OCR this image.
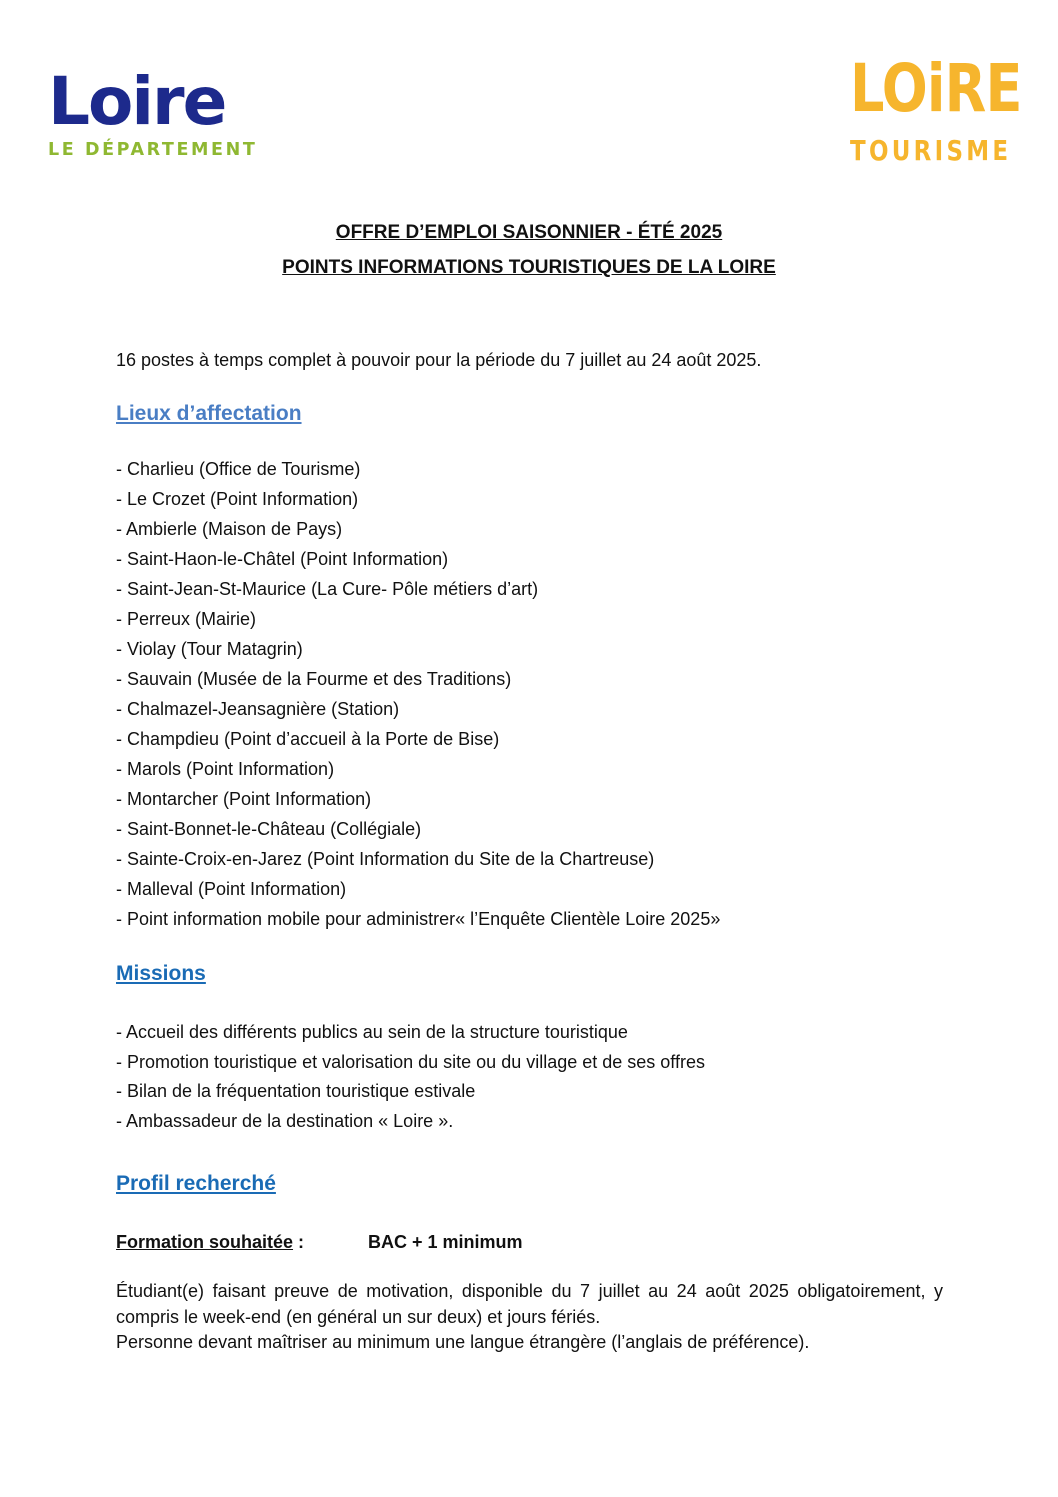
Loire
LE DÉPARTEMENT
LOiRE
TOURISME
OFFRE D’EMPLOI SAISONNIER - ÉTÉ 2025
POINTS INFORMATIONS TOURISTIQUES DE LA LOIRE
16 postes à temps complet à pouvoir pour la période du 7 juillet au 24 août 2025.
Lieux d’affectation
- Charlieu (Office de Tourisme)
- Le Crozet (Point Information)
- Ambierle (Maison de Pays)
- Saint-Haon-le-Châtel (Point Information)
- Saint-Jean-St-Maurice (La Cure- Pôle métiers d’art)
- Perreux (Mairie)
- Violay (Tour Matagrin)
- Sauvain (Musée de la Fourme et des Traditions)
- Chalmazel-Jeansagnière (Station)
- Champdieu (Point d’accueil à la Porte de Bise)
- Marols (Point Information)
- Montarcher (Point Information)
- Saint-Bonnet-le-Château (Collégiale)
- Sainte-Croix-en-Jarez (Point Information du Site de la Chartreuse)
- Malleval (Point Information)
- Point information mobile pour administrer« l’Enquête Clientèle Loire 2025»
Missions
- Accueil des différents publics au sein de la structure touristique
- Promotion touristique et valorisation du site ou du village et de ses offres
- Bilan de la fréquentation touristique estivale
- Ambassadeur de la destination « Loire ».
Profil recherché
Formation souhaitée :	BAC + 1 minimum

Étudiant(e) faisant preuve de motivation, disponible du 7 juillet au 24 août 2025 obligatoirement, y compris le week-end (en général un sur deux) et jours fériés.

Personne devant maîtriser au minimum une langue étrangère (l’anglais de préférence).
